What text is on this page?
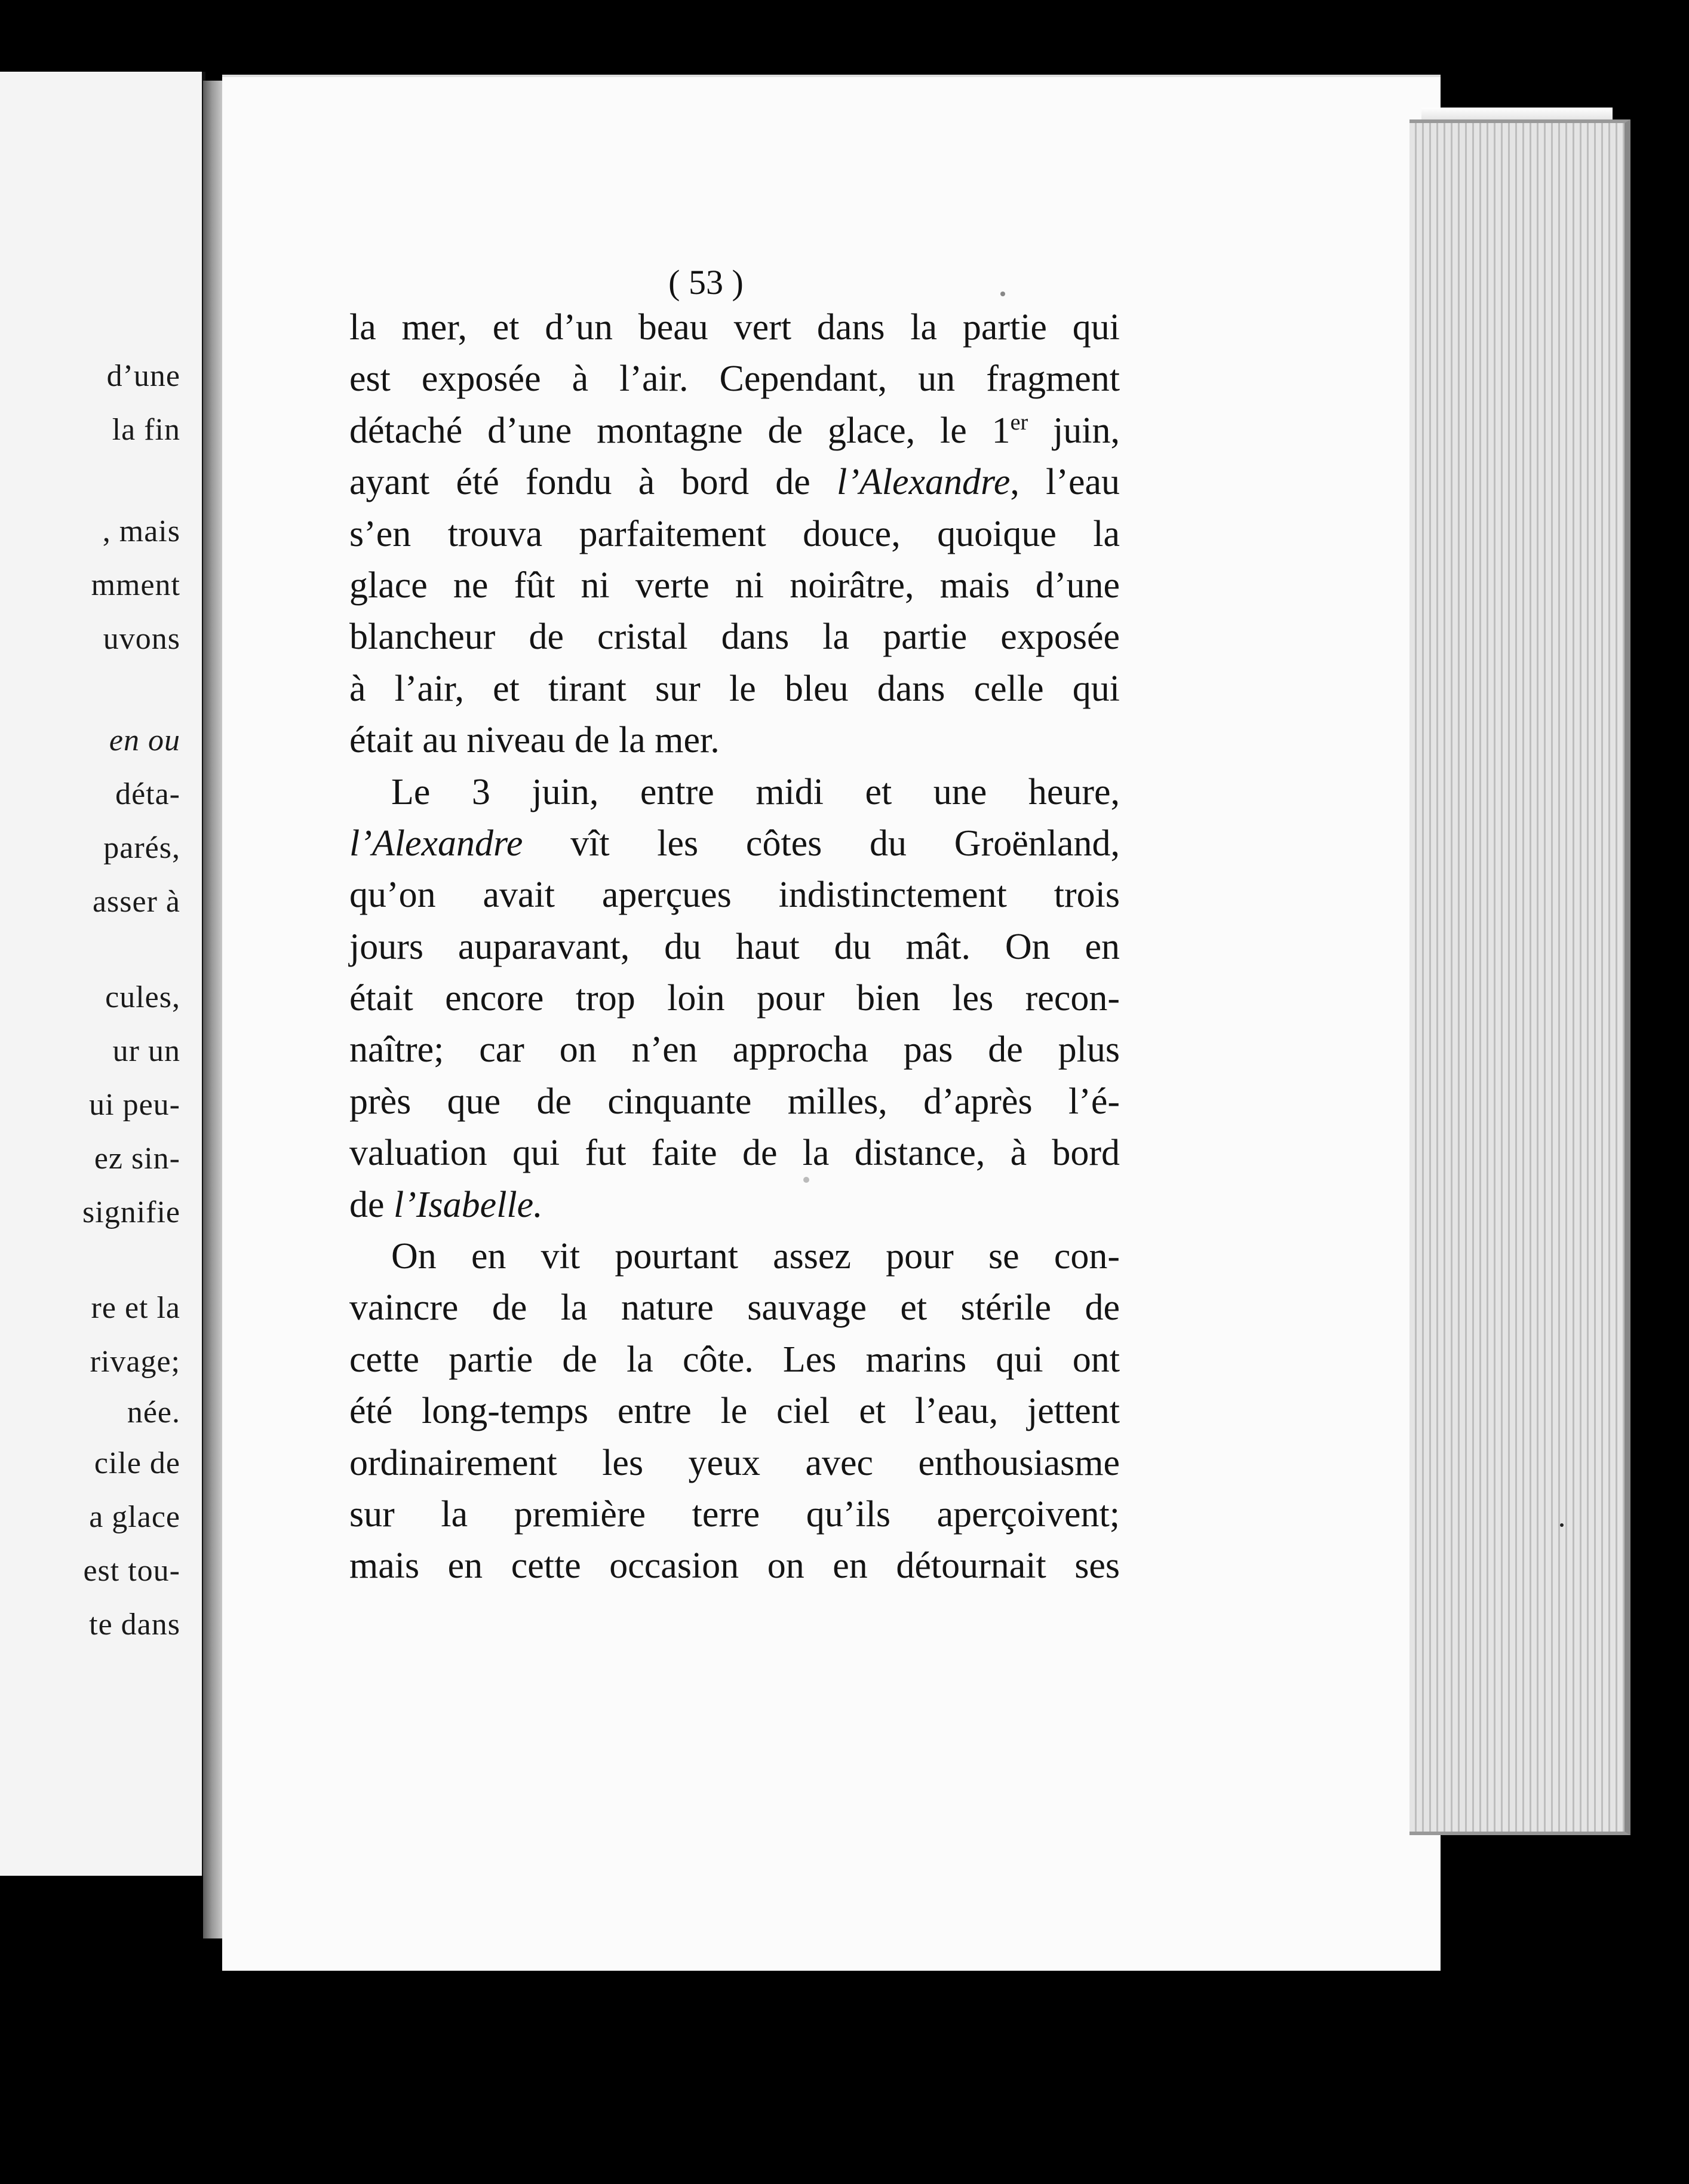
d’une
la fin
, mais
mment
uvons
en ou
déta-
parés,
asser à
cules,
ur un
ui peu-
ez sin-
signifie
re et la
rivage;
née.
cile de
a glace
est tou-
te dans
( 53 )
la mer, et d’un beau vert dans la partie qui
est exposée à l’air. Cependant, un fragment
détaché d’une montagne de glace, le 1er juin,
ayant été fondu à bord de l’Alexandre, l’eau
s’en trouva parfaitement douce, quoique la
glace ne fût ni verte ni noirâtre, mais d’une
blancheur de cristal dans la partie exposée
à l’air, et tirant sur le bleu dans celle qui
était au niveau de la mer.
Le 3 juin, entre midi et une heure,
l’Alexandre vît les côtes du Groënland,
qu’on avait aperçues indistinctement trois
jours auparavant, du haut du mât. On en
était encore trop loin pour bien les recon-
naître; car on n’en approcha pas de plus
près que de cinquante milles, d’après l’é-
valuation qui fut faite de la distance, à bord
de l’Isabelle.
On en vit pourtant assez pour se con-
vaincre de la nature sauvage et stérile de
cette partie de la côte. Les marins qui ont
été long-temps entre le ciel et l’eau, jettent
ordinairement les yeux avec enthousiasme
sur la première terre qu’ils aperçoivent;
mais en cette occasion on en détournait ses
